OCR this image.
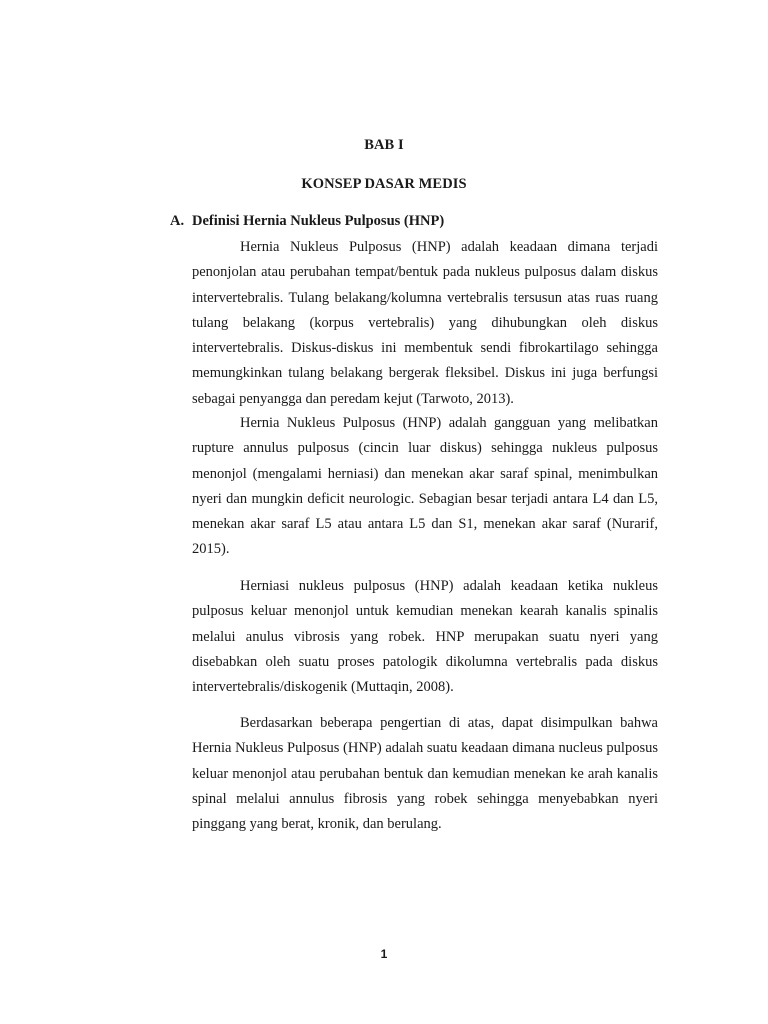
BAB I
KONSEP DASAR MEDIS
A. Definisi Hernia Nukleus Pulposus (HNP)

Hernia Nukleus Pulposus (HNP) adalah keadaan dimana terjadi penonjolan atau perubahan tempat/bentuk pada nukleus pulposus dalam diskus intervertebralis. Tulang belakang/kolumna vertebralis tersusun atas ruas ruang tulang belakang (korpus vertebralis) yang dihubungkan oleh diskus intervertebralis. Diskus-diskus ini membentuk sendi fibrokartilago sehingga memungkinkan tulang belakang bergerak fleksibel. Diskus ini juga berfungsi sebagai penyangga dan peredam kejut (Tarwoto, 2013).

Hernia Nukleus Pulposus (HNP) adalah gangguan yang melibatkan rupture annulus pulposus (cincin luar diskus) sehingga nukleus pulposus menonjol (mengalami herniasi) dan menekan akar saraf spinal, menimbulkan nyeri dan mungkin deficit neurologic. Sebagian besar terjadi antara L4 dan L5, menekan akar saraf L5 atau antara L5 dan S1, menekan akar saraf (Nurarif, 2015).

Herniasi nukleus pulposus (HNP) adalah keadaan ketika nukleus pulposus keluar menonjol untuk kemudian menekan kearah kanalis spinalis melalui anulus vibrosis yang robek. HNP merupakan suatu nyeri yang disebabkan oleh suatu proses patologik dikolumna vertebralis pada diskus intervertebralis/diskogenik (Muttaqin, 2008).

Berdasarkan beberapa pengertian di atas, dapat disimpulkan bahwa Hernia Nukleus Pulposus (HNP) adalah suatu keadaan dimana nucleus pulposus keluar menonjol atau perubahan bentuk dan kemudian menekan ke arah kanalis spinal melalui annulus fibrosis yang robek sehingga menyebabkan nyeri pinggang yang berat, kronik, dan berulang.

1
